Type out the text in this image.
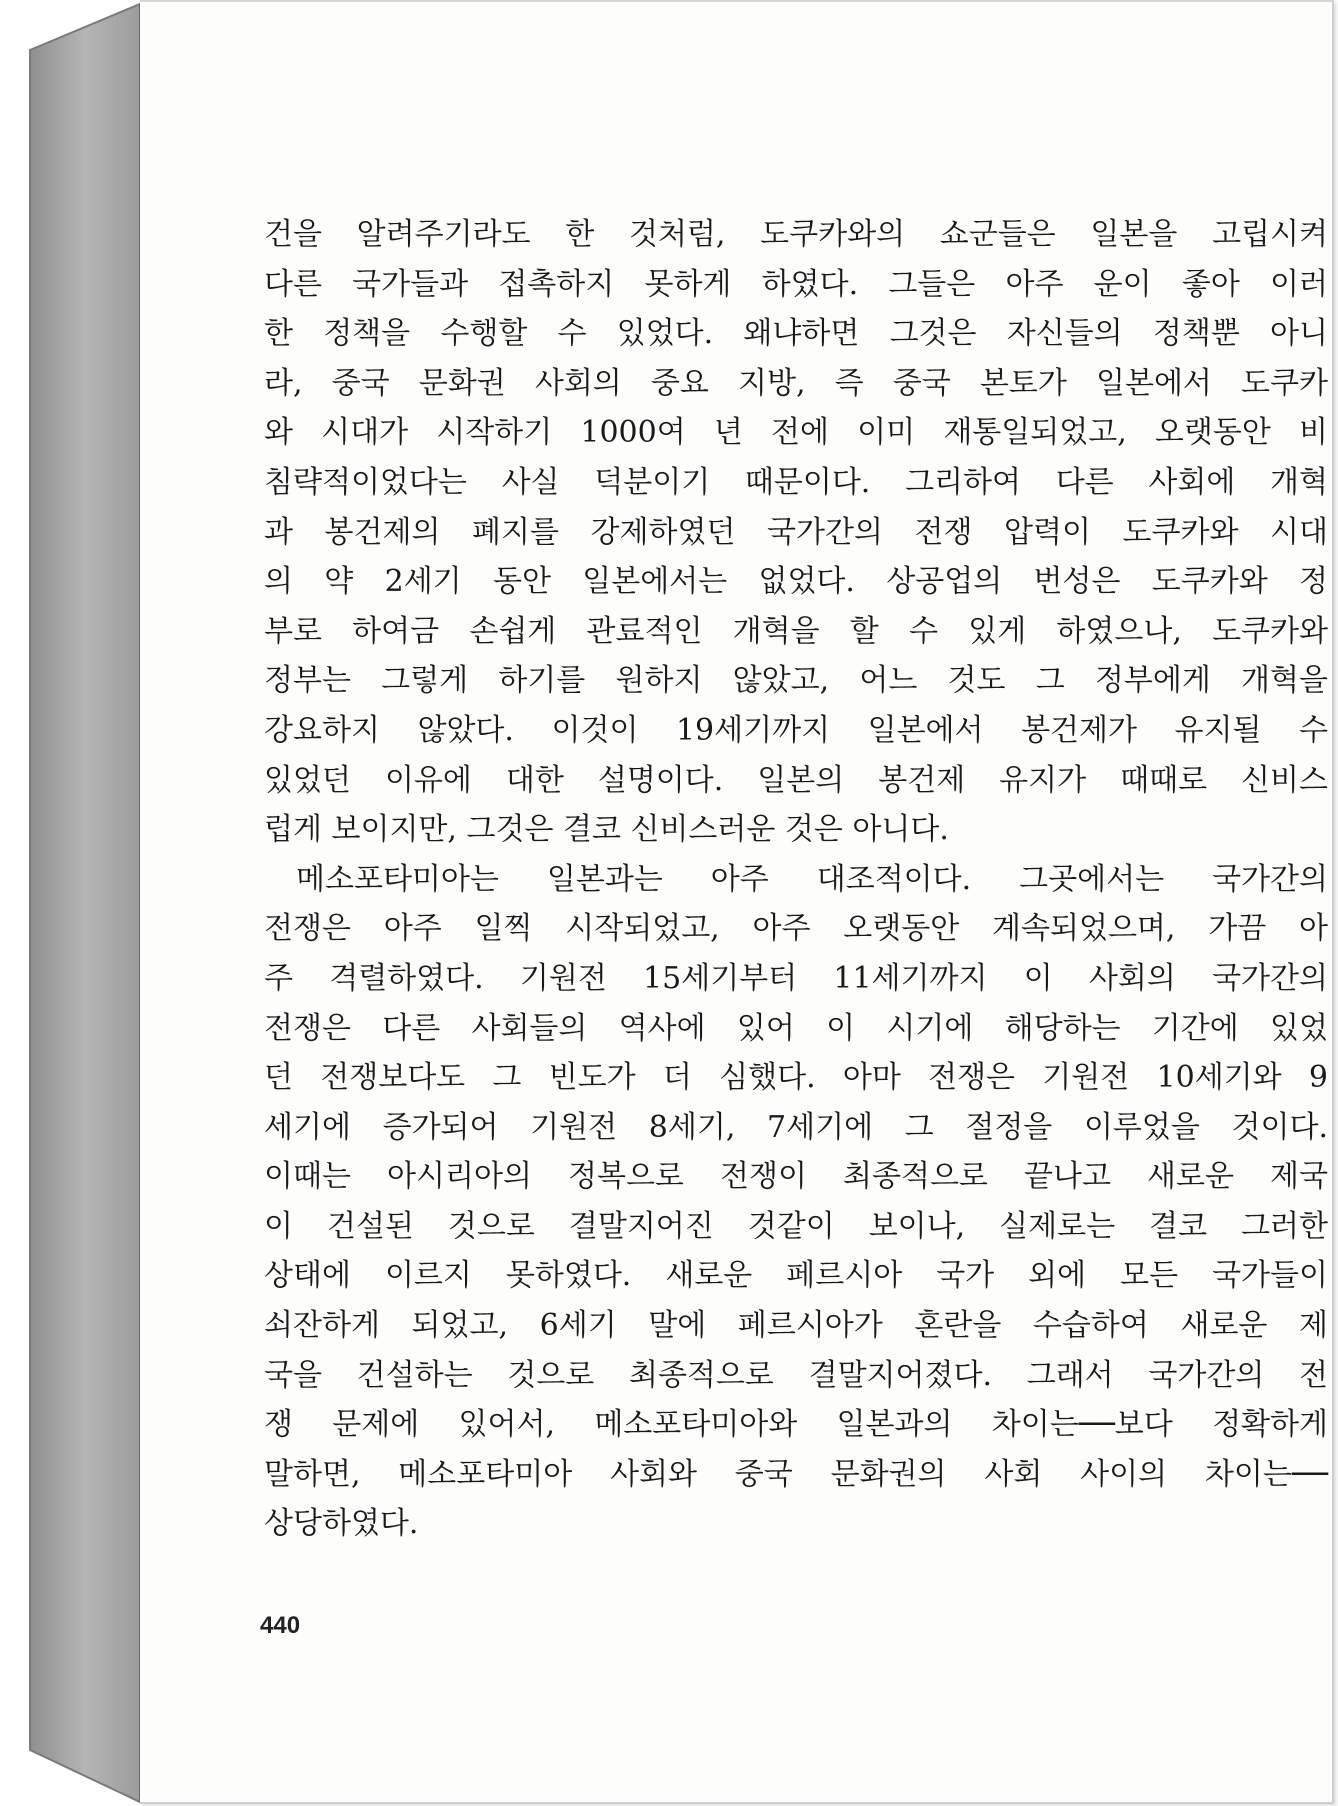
건을 알려주기라도 한 것처럼, 도쿠카와의 쇼군들은 일본을 고립시켜
다른 국가들과 접촉하지 못하게 하였다. 그들은 아주 운이 좋아 이러
한 정책을 수행할 수 있었다. 왜냐하면 그것은 자신들의 정책뿐 아니
라, 중국 문화권 사회의 중요 지방, 즉 중국 본토가 일본에서 도쿠카
와 시대가 시작하기 1000여 년 전에 이미 재통일되었고, 오랫동안 비
침략적이었다는 사실 덕분이기 때문이다. 그리하여 다른 사회에 개혁
과 봉건제의 폐지를 강제하였던 국가간의 전쟁 압력이 도쿠카와 시대
의 약 2세기 동안 일본에서는 없었다. 상공업의 번성은 도쿠카와 정
부로 하여금 손쉽게 관료적인 개혁을 할 수 있게 하였으나, 도쿠카와
정부는 그렇게 하기를 원하지 않았고, 어느 것도 그 정부에게 개혁을
강요하지 않았다. 이것이 19세기까지 일본에서 봉건제가 유지될 수
있었던 이유에 대한 설명이다. 일본의 봉건제 유지가 때때로 신비스
럽게 보이지만, 그것은 결코 신비스러운 것은 아니다.
메소포타미아는 일본과는 아주 대조적이다. 그곳에서는 국가간의
전쟁은 아주 일찍 시작되었고, 아주 오랫동안 계속되었으며, 가끔 아
주 격렬하였다. 기원전 15세기부터 11세기까지 이 사회의 국가간의
전쟁은 다른 사회들의 역사에 있어 이 시기에 해당하는 기간에 있었
던 전쟁보다도 그 빈도가 더 심했다. 아마 전쟁은 기원전 10세기와 9
세기에 증가되어 기원전 8세기, 7세기에 그 절정을 이루었을 것이다.
이때는 아시리아의 정복으로 전쟁이 최종적으로 끝나고 새로운 제국
이 건설된 것으로 결말지어진 것같이 보이나, 실제로는 결코 그러한
상태에 이르지 못하였다. 새로운 페르시아 국가 외에 모든 국가들이
쇠잔하게 되었고, 6세기 말에 페르시아가 혼란을 수습하여 새로운 제
국을 건설하는 것으로 최종적으로 결말지어졌다. 그래서 국가간의 전
쟁 문제에 있어서, 메소포타미아와 일본과의 차이는──보다 정확하게
말하면, 메소포타미아 사회와 중국 문화권의 사회 사이의 차이는──
상당하였다.
440
